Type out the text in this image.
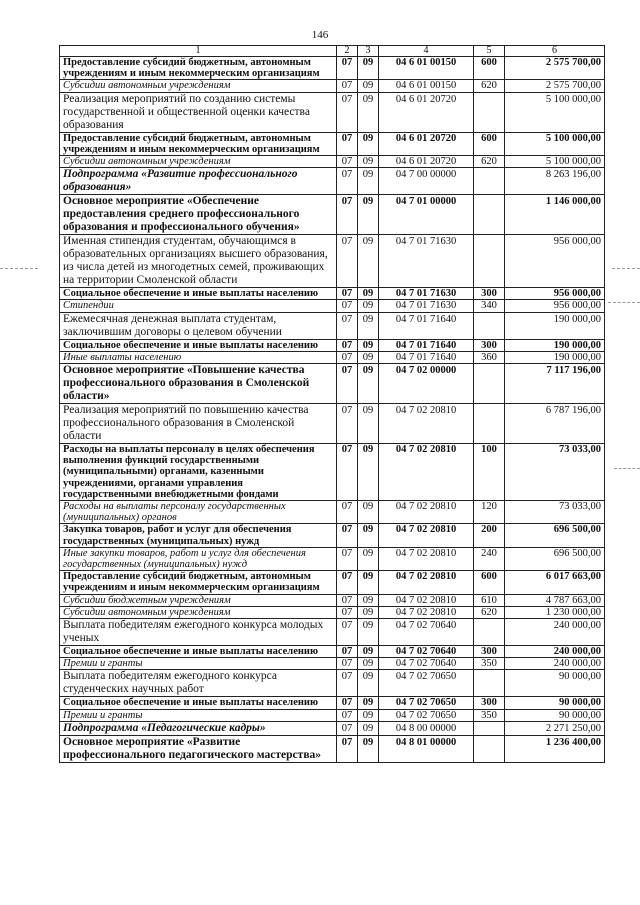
146
1	2	3	4	5	6
Предоставление субсидий бюджетным, автономным учреждениям и иным некоммерческим организациям	07	09	04 6 01 00150	600	2 575 700,00
Субсидии автономным учреждениям	07	09	04 6 01 00150	620	2 575 700,00
Реализация мероприятий по созданию системы государственной и общественной оценки качества образования	07	09	04 6 01 20720		5 100 000,00
Предоставление субсидий бюджетным, автономным учреждениям и иным некоммерческим организациям	07	09	04 6 01 20720	600	5 100 000,00
Субсидии автономным учреждениям	07	09	04 6 01 20720	620	5 100 000,00
Подпрограмма «Развитие профессионального образования»	07	09	04 7 00 00000		8 263 196,00
Основное мероприятие «Обеспечение предоставления среднего профессионального образования и профессионального обучения»	07	09	04 7 01 00000		1 146 000,00
Именная стипендия студентам, обучающимся в образовательных организациях высшего образования, из числа детей из многодетных семей, проживающих на территории Смоленской области	07	09	04 7 01 71630		956 000,00
Социальное обеспечение и иные выплаты населению	07	09	04 7 01 71630	300	956 000,00
Стипендии	07	09	04 7 01 71630	340	956 000,00
Ежемесячная денежная выплата студентам, заключившим договоры о целевом обучении	07	09	04 7 01 71640		190 000,00
Социальное обеспечение и иные выплаты населению	07	09	04 7 01 71640	300	190 000,00
Иные выплаты населению	07	09	04 7 01 71640	360	190 000,00
Основное мероприятие «Повышение качества профессионального образования в Смоленской области»	07	09	04 7 02 00000		7 117 196,00
Реализация мероприятий по повышению качества профессионального образования в Смоленской области	07	09	04 7 02 20810		6 787 196,00
Расходы на выплаты персоналу в целях обеспечения выполнения функций государственными (муниципальными) органами, казенными учреждениями, органами управления государственными внебюджетными фондами	07	09	04 7 02 20810	100	73 033,00
Расходы на выплаты персоналу государственных (муниципальных) органов	07	09	04 7 02 20810	120	73 033,00
Закупка товаров, работ и услуг для обеспечения государственных (муниципальных) нужд	07	09	04 7 02 20810	200	696 500,00
Иные закупки товаров, работ и услуг для обеспечения государственных (муниципальных) нужд	07	09	04 7 02 20810	240	696 500,00
Предоставление субсидий бюджетным, автономным учреждениям и иным некоммерческим организациям	07	09	04 7 02 20810	600	6 017 663,00
Субсидии бюджетным учреждениям	07	09	04 7 02 20810	610	4 787 663,00
Субсидии автономным учреждениям	07	09	04 7 02 20810	620	1 230 000,00
Выплата победителям ежегодного конкурса молодых ученых	07	09	04 7 02 70640		240 000,00
Социальное обеспечение и иные выплаты населению	07	09	04 7 02 70640	300	240 000,00
Премии и гранты	07	09	04 7 02 70640	350	240 000,00
Выплата победителям ежегодного конкурса студенческих научных работ	07	09	04 7 02 70650		90 000,00
Социальное обеспечение и иные выплаты населению	07	09	04 7 02 70650	300	90 000,00
Премии и гранты	07	09	04 7 02 70650	350	90 000,00
Подпрограмма «Педагогические кадры»	07	09	04 8 00 00000		2 271 250,00
Основное мероприятие «Развитие профессионального педагогического мастерства»	07	09	04 8 01 00000		1 236 400,00
